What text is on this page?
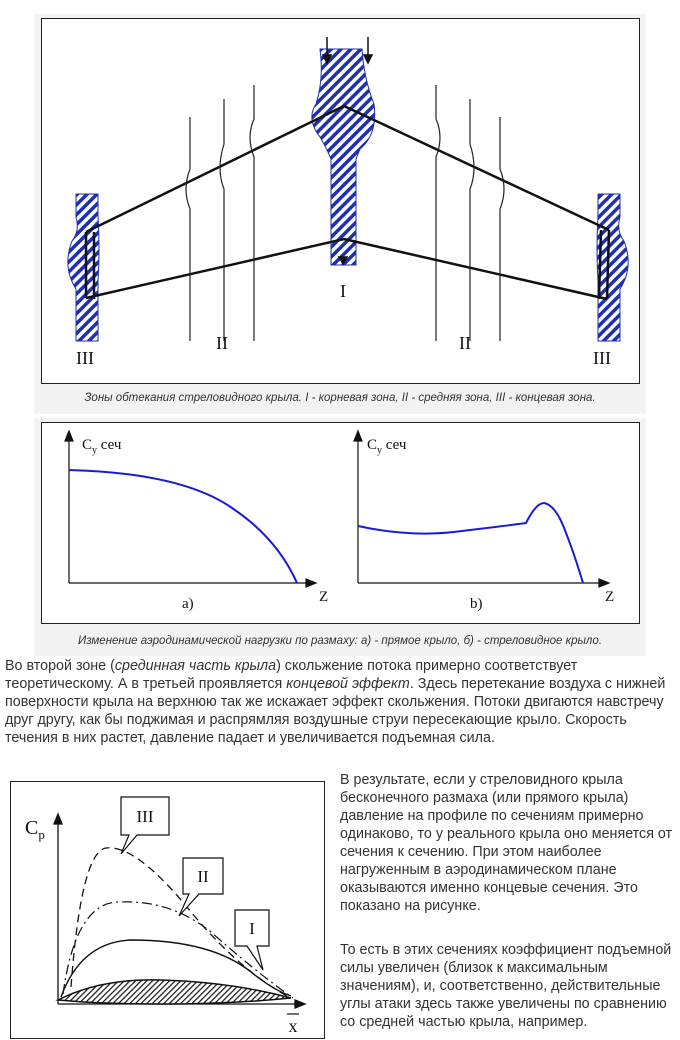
I
II	II
III	III
Зоны обтекания стреловидного крыла. I - корневая зона, II - средняя зона, III - концевая зона.
$C_y$ сеч
а)	Z
$C_y$ сеч
b)	Z
Изменение аэродинамической нагрузки по размаху: а) - прямое крыло, б) - стреловидное крыло.
Во второй зоне (срединная часть крыла) скольжение потока примерно соответствует теоретическому. А в третьей проявляется концевой эффект. Здесь перетекание воздуха с нижней поверхности крыла на верхнюю так же искажает эффект скольжения. Потоки двигаются навстречу друг другу, как бы поджимая и распрямляя воздушные струи пересекающие крыло. Скорость течения в них растет, давление падает и увеличивается подъемная сила.
III
II
I
$C_p$
x
В результате, если у стреловидного крыла бесконечного размаха (или прямого крыла) давление на профиле по сечениям примерно одинаково, то у реального крыла оно меняется от сечения к сечению. При этом наиболее нагруженным в аэродинамическом плане оказываются именно концевые сечения. Это показано на рисунке.
То есть в этих сечениях коэффициент подъемной силы увеличен (близок к максимальным значениям), и, соответственно, действительные углы атаки здесь также увеличены по сравнению со средней частью крыла, например.
